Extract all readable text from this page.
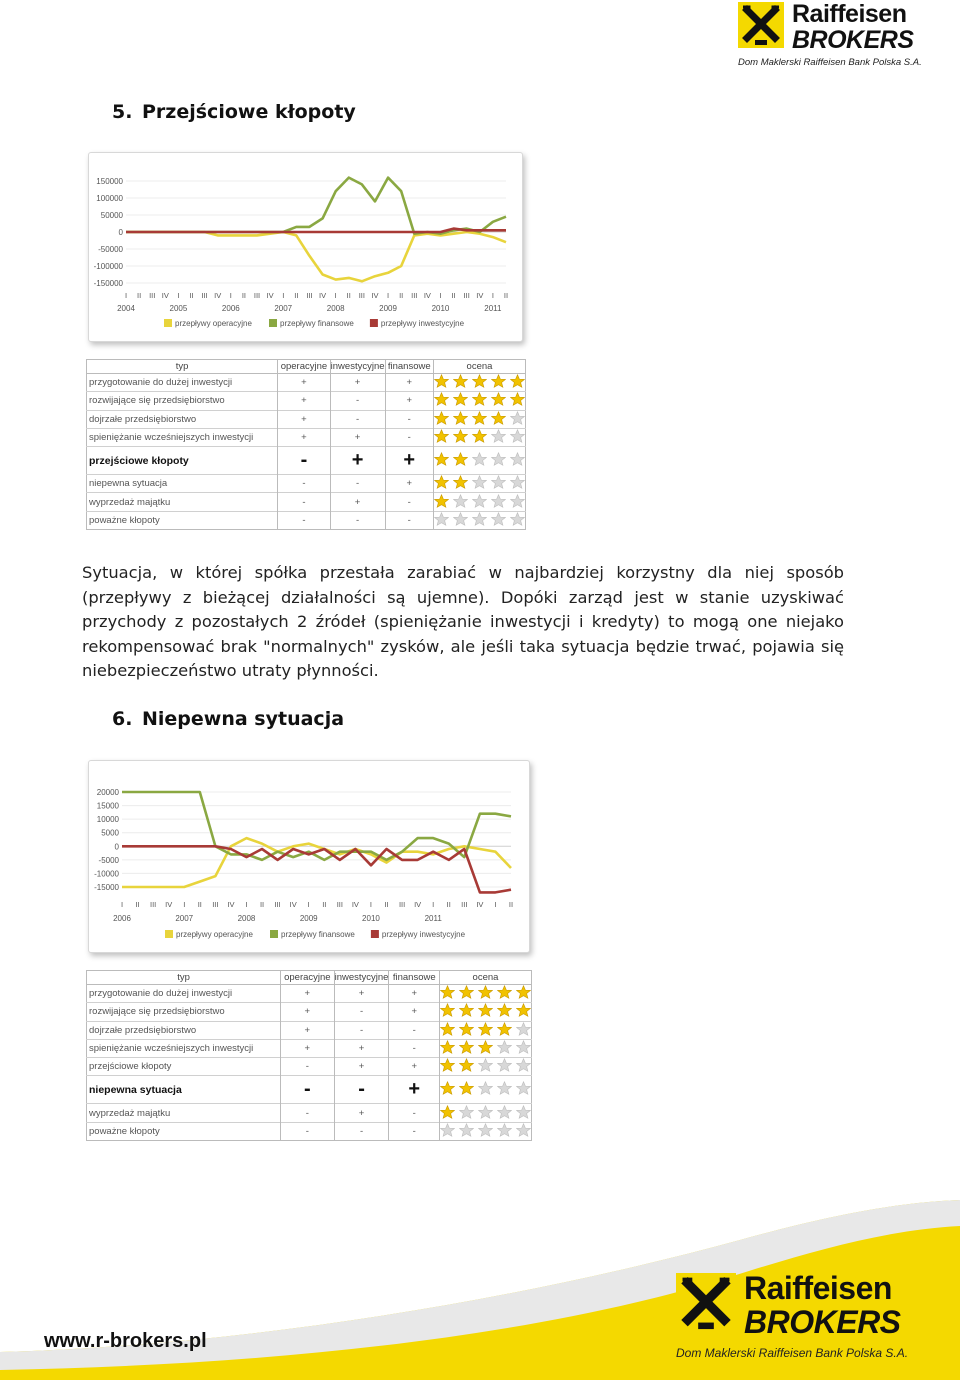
Raiffeisen
BROKERS
Dom Maklerski Raiffeisen Bank Polska S.A.
5. Przejściowe kłopoty
150000
100000
50000
0
-50000
-100000
-150000
I II III IV I II III IV I II III IV I II III IV I II III IV I II III IV I II III IV I II
2004	2005	2006	2007	2008	2009	2010	2011
przepływy operacyjne	przepływy finansowe	przepływy inwestycyjne
typ	operacyjne	inwestycyjne	finansowe	ocena
przygotowanie do dużej inwestycji	+	+	+	

rozwijające się przedsiębiorstwo	+	-	+	

dojrzałe przedsiębiorstwo	+	-	-	

spieniężanie wcześniejszych inwestycji	+	+	-	

przejściowe kłopoty	-	+	+	

niepewna sytuacja	-	-	+	

wyprzedaż majątku	-	+	-	

poważne kłopoty	-	-	-	
Sytuacja, w której spółka przestała zarabiać w najbardziej korzystny dla niej sposób (przepływy z bieżącej działalności są ujemne). Dopóki zarząd jest w stanie uzyskiwać przychody z pozostałych 2 źródeł (spieniężanie inwestycji i kredyty) to mogą one niejako rekompensować brak "normalnych" zysków, ale jeśli taka sytuacja będzie trwać, pojawia się niebezpieczeństwo utraty płynności.
6. Niepewna sytuacja
20000
15000
10000
5000
0
-5000
-10000
-15000
I II III IV I II III IV I II III IV I II III IV I II III IV I II III IV I II
2006	2007	2008	2009	2010	2011
przepływy operacyjne	przepływy finansowe	przepływy inwestycyjne
typ	operacyjne	inwestycyjne	finansowe	ocena
przygotowanie do dużej inwestycji	+	+	+	

rozwijające się przedsiębiorstwo	+	-	+	

dojrzałe przedsiębiorstwo	+	-	-	

spieniężanie wcześniejszych inwestycji	+	+	-	

przejściowe kłopoty	-	+	+	

niepewna sytuacja	-	-	+	

wyprzedaż majątku	-	+	-	

poważne kłopoty	-	-	-	
www.r-brokers.pl
Raiffeisen
BROKERS
Dom Maklerski Raiffeisen Bank Polska S.A.
